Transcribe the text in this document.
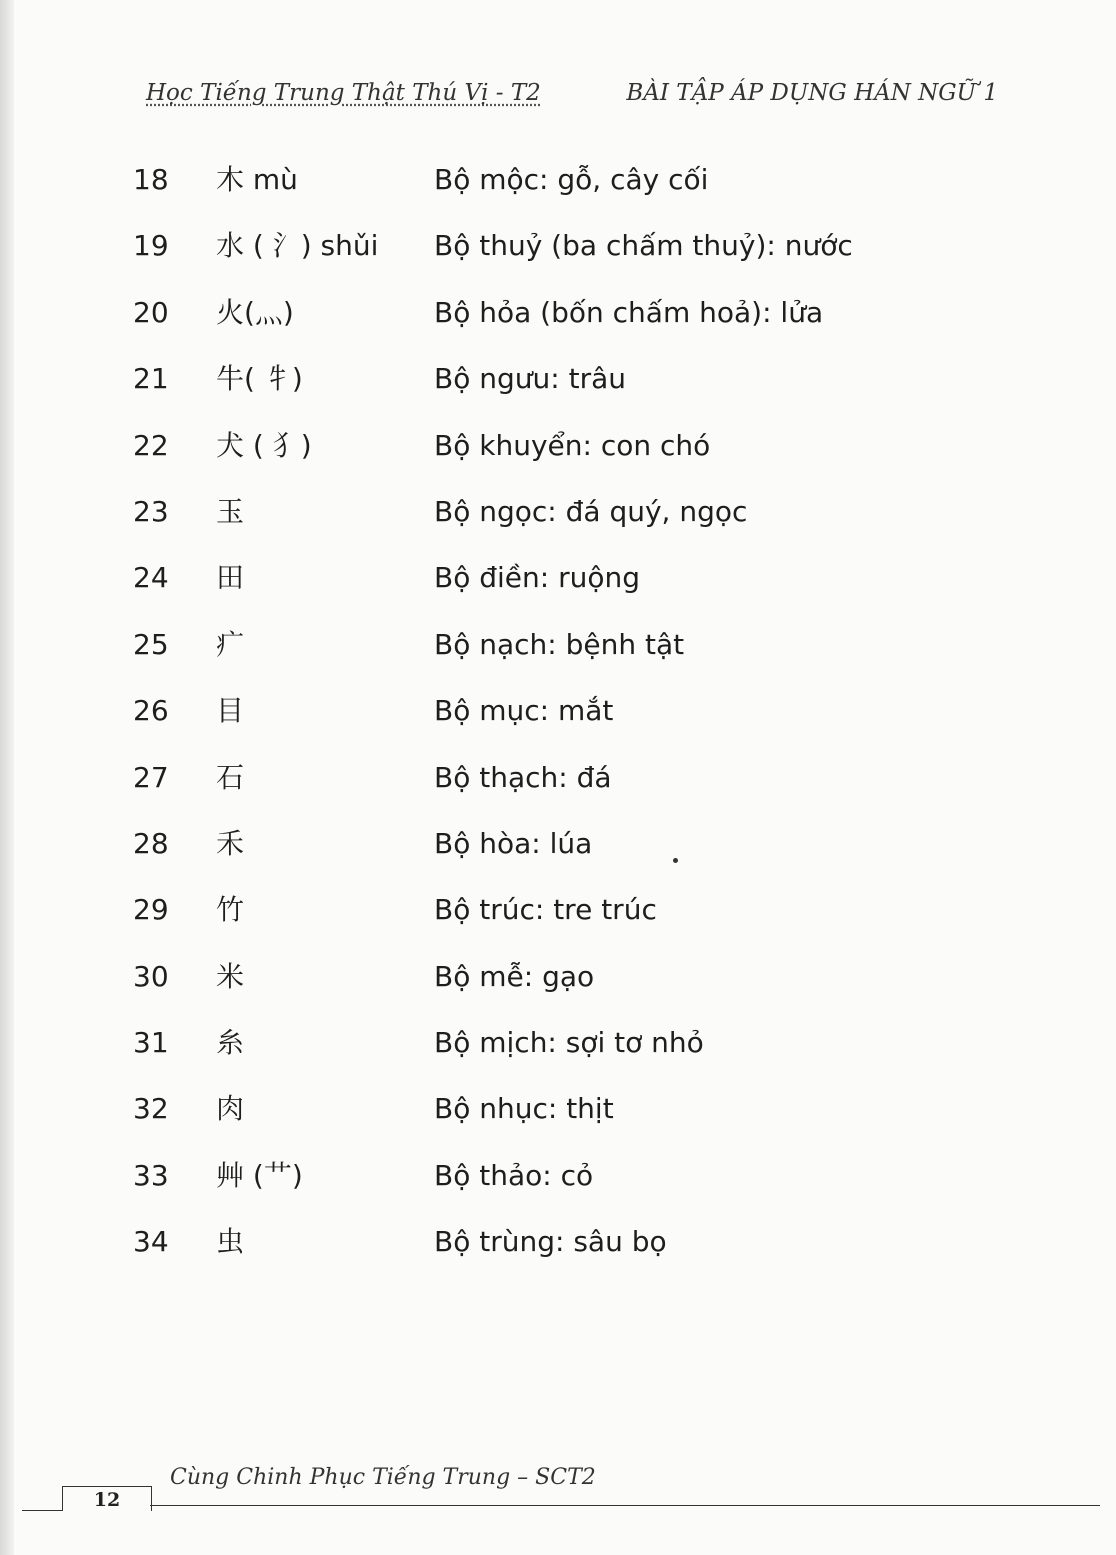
Học Tiếng Trung Thật Thú Vị - T2	BÀI TẬP ÁP DỤNG HÁN NGỮ 1
18	木 mù	Bộ mộc: gỗ, cây cối
19	水 ( 氵) shǔi	Bộ thuỷ (ba chấm thuỷ): nước
20	火(灬)	Bộ hỏa (bốn chấm hoả): lửa
21	牛( 牜)	Bộ ngưu: trâu
22	犬 ( 犭)	Bộ khuyển: con chó
23	玉	Bộ ngọc: đá quý, ngọc
24	田	Bộ điền: ruộng
25	疒	Bộ nạch: bệnh tật
26	目	Bộ mục: mắt
27	石	Bộ thạch: đá
28	禾	Bộ hòa: lúa
29	竹	Bộ trúc: tre trúc
30	米	Bộ mễ: gạo
31	糸	Bộ mịch: sợi tơ nhỏ
32	肉	Bộ nhục: thịt
33	艸 (艹)	Bộ thảo: cỏ
34	虫	Bộ trùng: sâu bọ
Cùng Chinh Phục Tiếng Trung – SCT2
12
